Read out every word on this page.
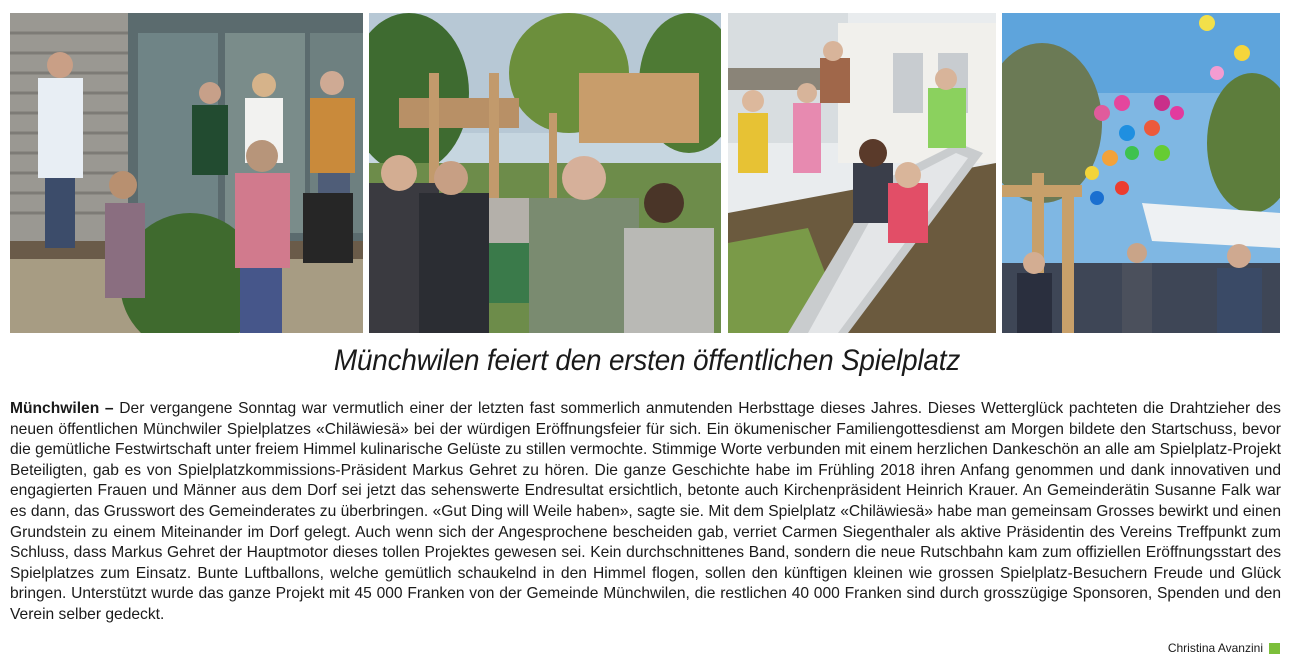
Münchwilen feiert den ersten öffentlichen Spielplatz

Münchwilen – Der vergangene Sonntag war vermutlich einer der letzten fast sommerlich anmutenden Herbsttage dieses Jahres. Dieses Wetterglück pachteten die Drahtzieher des neuen öffentlichen Münchwiler Spielplatzes «Chiläwiesä» bei der würdigen Eröffnungsfeier für sich. Ein ökumenischer Familiengottesdienst am Morgen bildete den Startschuss, bevor die gemütliche Festwirtschaft unter freiem Himmel kulinarische Gelüste zu stillen vermochte. Stimmige Worte verbunden mit einem herzlichen Dankeschön an alle am Spielplatz-Projekt Beteiligten, gab es von Spielplatzkommissions-Präsident Markus Gehret zu hören. Die ganze Geschichte habe im Frühling 2018 ihren Anfang genommen und dank innovativen und engagierten Frauen und Männer aus dem Dorf sei jetzt das sehenswerte Endresultat ersichtlich, betonte auch Kirchenpräsident Heinrich Krauer. An Gemeinderätin Susanne Falk war es dann, das Grusswort des Gemeinderates zu überbringen. «Gut Ding will Weile haben», sagte sie. Mit dem Spielplatz «Chiläwiesä» habe man gemeinsam Grosses bewirkt und einen Grundstein zu einem Miteinander im Dorf gelegt. Auch wenn sich der Angesprochene bescheiden gab, verriet Carmen Siegenthaler als aktive Präsidentin des Vereins Treffpunkt zum Schluss, dass Markus Gehret der Hauptmotor dieses tollen Projektes gewesen sei. Kein durchschnittenes Band, sondern die neue Rutschbahn kam zum offiziellen Eröffnungsstart des Spielplatzes zum Einsatz. Bunte Luftballons, welche gemütlich schaukelnd in den Himmel flogen, sollen den künftigen kleinen wie grossen Spielplatz-Besuchern Freude und Glück bringen. Unterstützt wurde das ganze Projekt mit 45 000 Franken von der Gemeinde Münchwilen, die restlichen 40 000 Franken sind durch grosszügige Sponsoren, Spenden und den Verein selber gedeckt.

Christina Avanzini
